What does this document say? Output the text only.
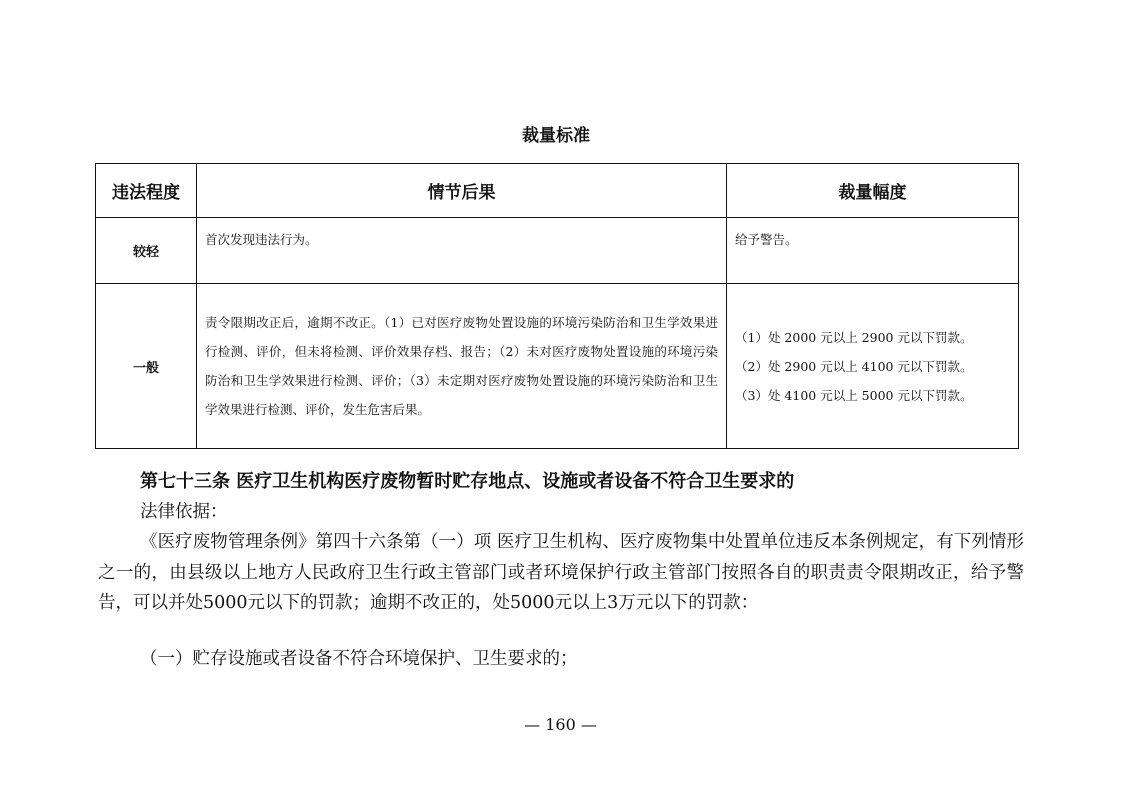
裁量标准
违法程度	情节后果	裁量幅度
较轻	首次发现违法行为。	给予警告。

一般	责令限期改正后，逾期不改正。（1）已对医疗废物处置设施的环境污染防治和卫生学效果进行检测、评价，但未将检测、评价效果存档、报告；（2）未对医疗废物处置设施的环境污染防治和卫生学效果进行检测、评价；（3）未定期对医疗废物处置设施的环境污染防治和卫生学效果进行检测、评价，发生危害后果。	（1）处 2000 元以上 2900 元以下罚款。
（2）处 2900 元以上 4100 元以下罚款。
（3）处 4100 元以上 5000 元以下罚款。
第七十三条 医疗卫生机构医疗废物暂时贮存地点、设施或者设备不符合卫生要求的
法律依据：
《医疗废物管理条例》第四十六条第（一）项 医疗卫生机构、医疗废物集中处置单位违反本条例规定，有下列情形之一的，由县级以上地方人民政府卫生行政主管部门或者环境保护行政主管部门按照各自的职责责令限期改正，给予警告，可以并处5000元以下的罚款；逾期不改正的，处5000元以上3万元以下的罚款：
（一）贮存设施或者设备不符合环境保护、卫生要求的；
— 160 —
